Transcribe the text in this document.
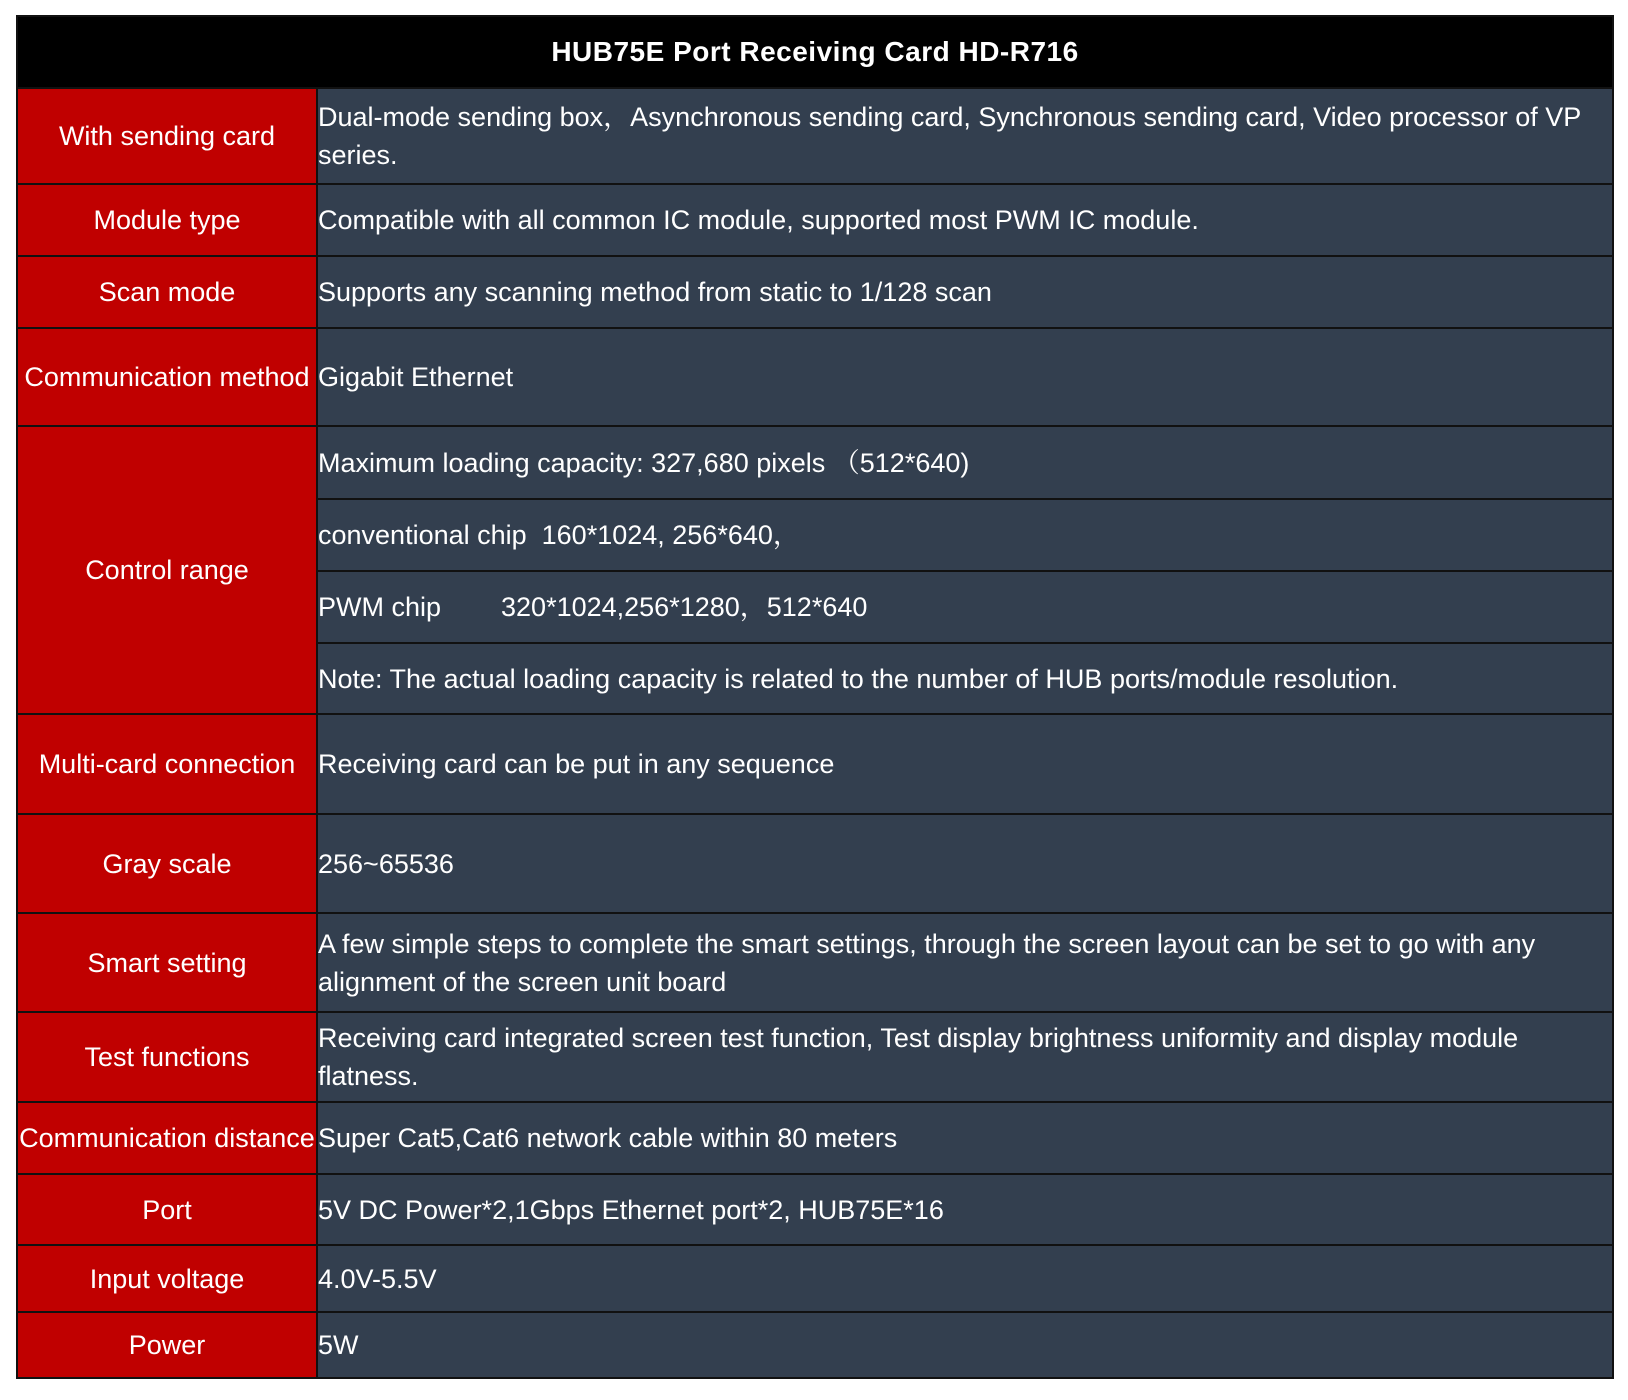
HUB75E Port Receiving Card HD-R716	
With sending card	Dual-mode sending box，Asynchronous sending card, Synchronous sending card, Video processor of VP series.
Module type	Compatible with all common IC module, supported most PWM IC module.
Scan mode	Supports any scanning method from static to 1/128 scan
Communication method	Gigabit Ethernet
Control range	Maximum loading capacity: 327,680 pixels （512*640)
	conventional chip  160*1024, 256*640，
	PWM chip        320*1024,256*1280，512*640
	Note: The actual loading capacity is related to the number of HUB ports/module resolution.
Multi-card connection	Receiving card can be put in any sequence
Gray scale	256~65536
Smart setting	A few simple steps to complete the smart settings, through the screen layout can be set to go with any alignment of the screen unit board
Test functions	Receiving card integrated screen test function, Test display brightness uniformity and display module flatness.
Communication distance	Super Cat5,Cat6 network cable within 80 meters
Port	5V DC Power*2,1Gbps Ethernet port*2, HUB75E*16
Input voltage	4.0V-5.5V
Power	5W
